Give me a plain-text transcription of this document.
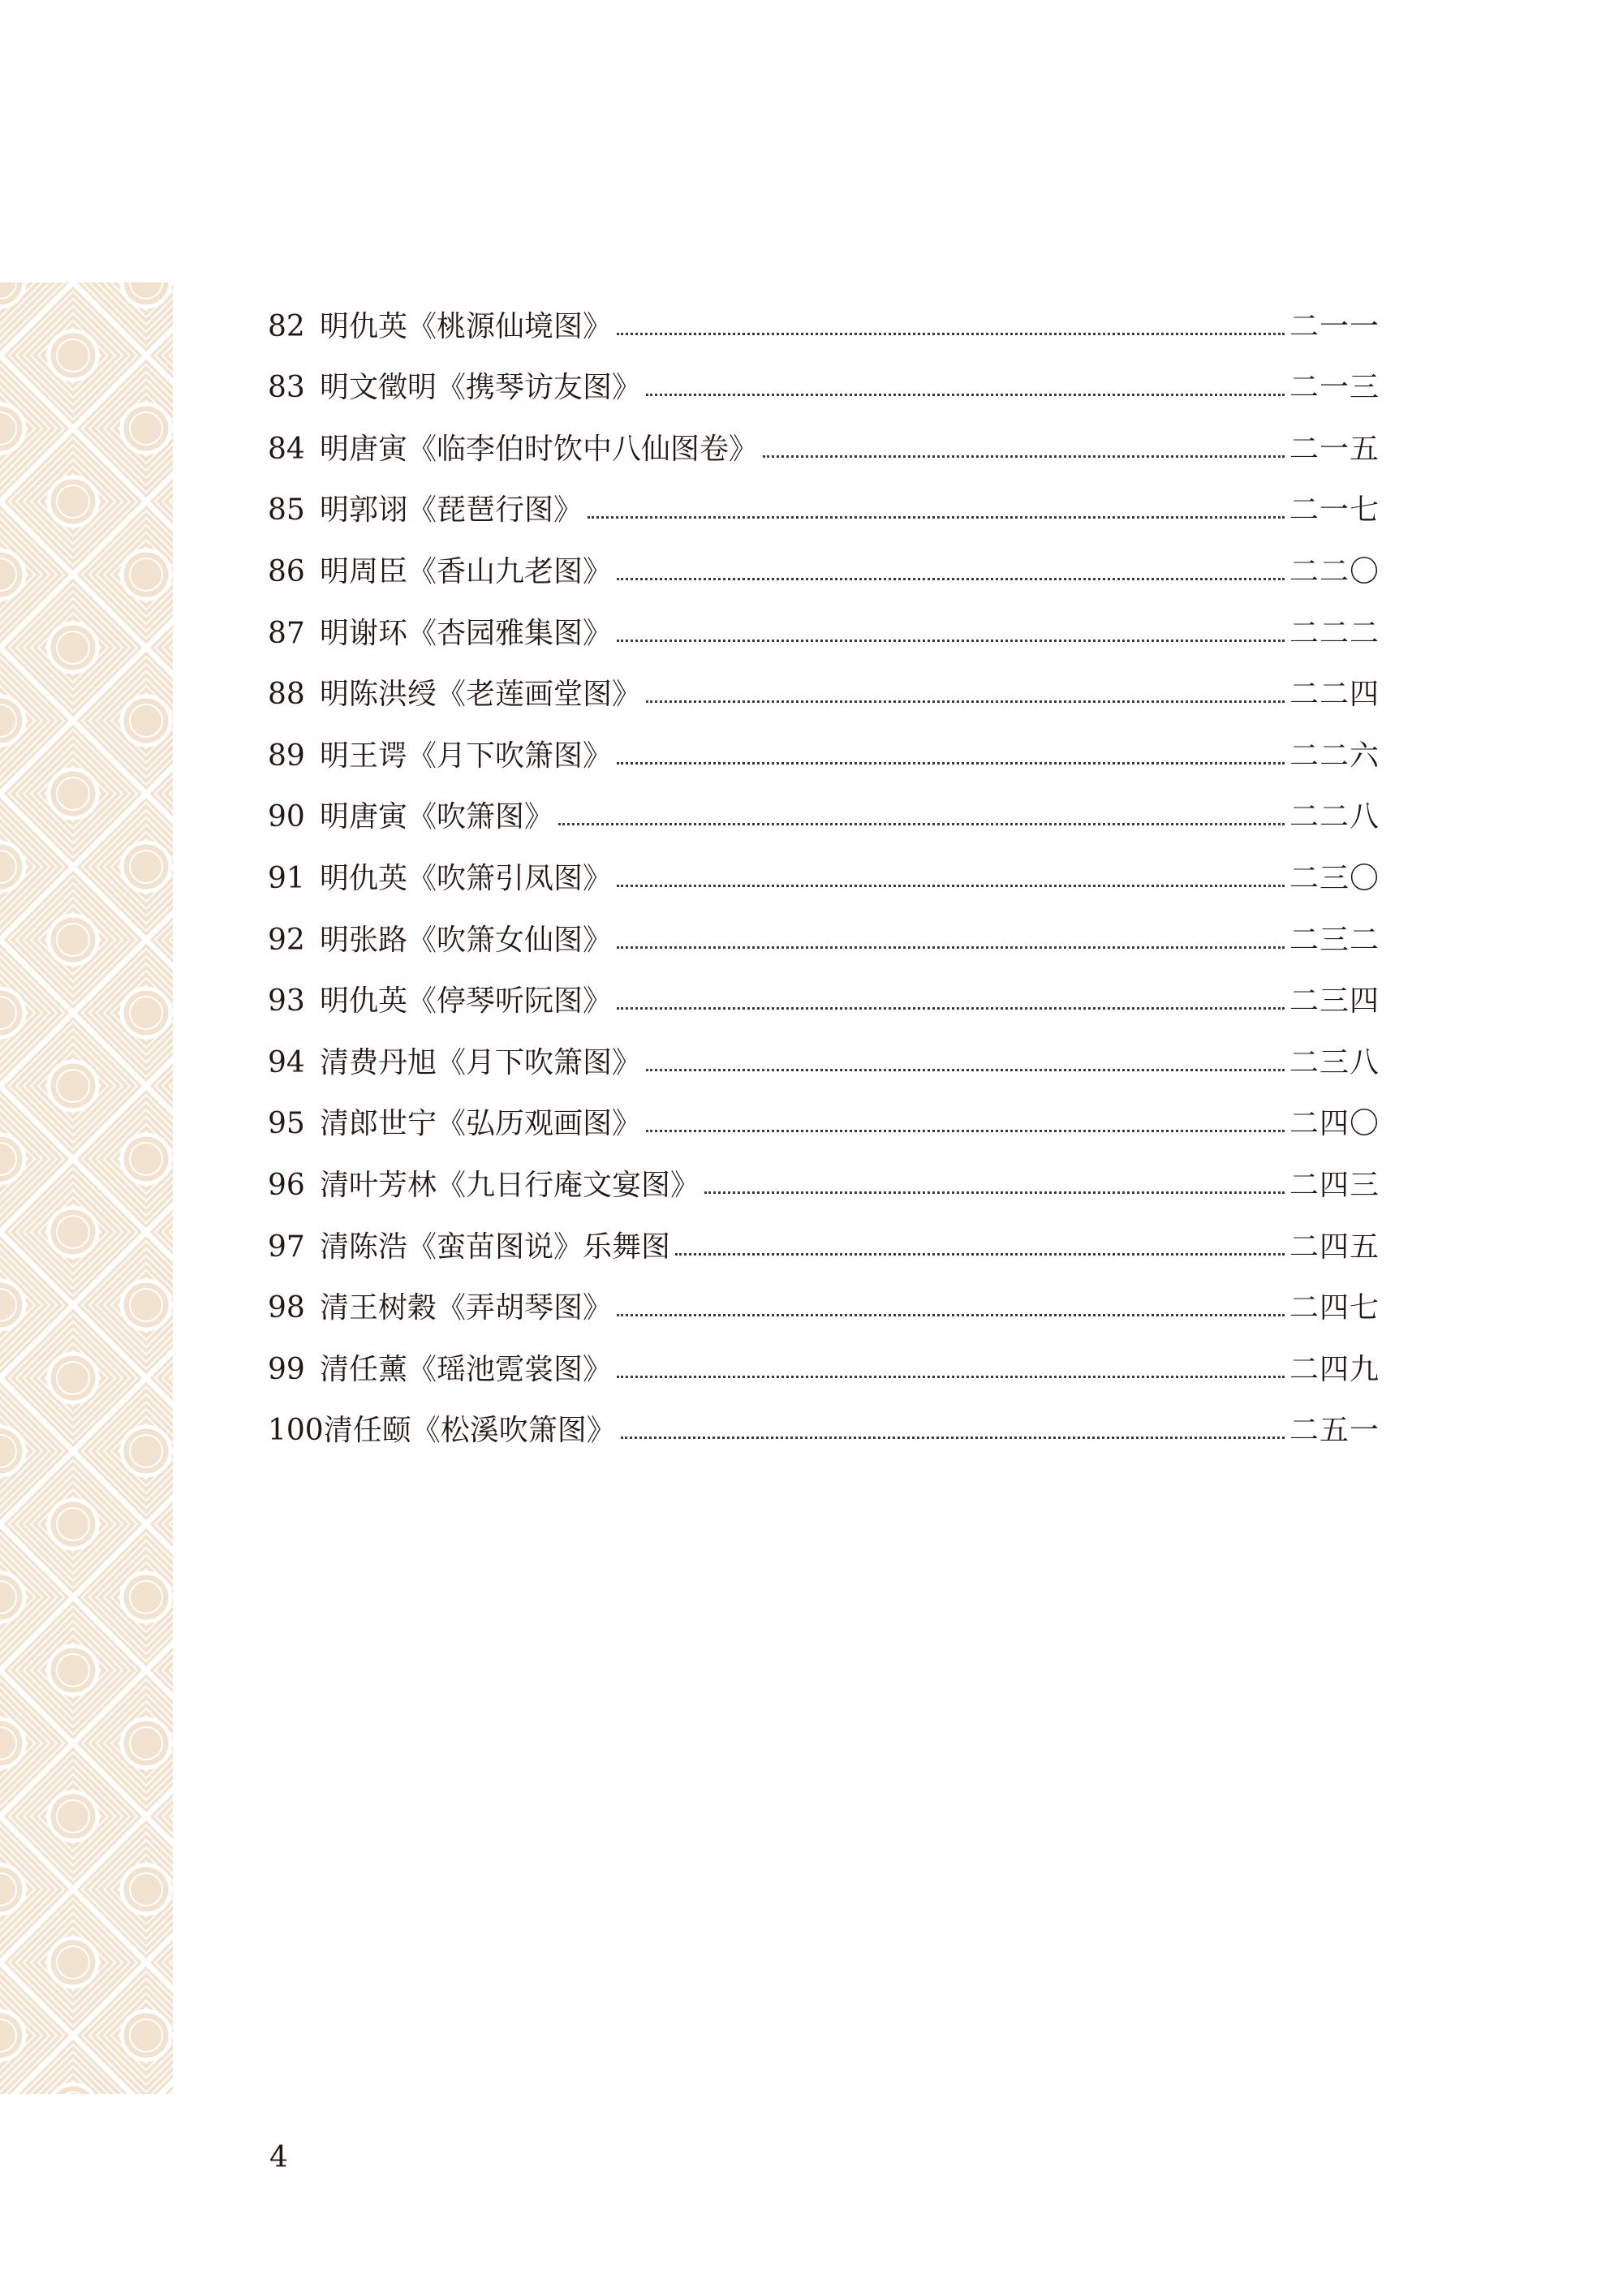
82 明仇英《桃源仙境图》	二一一
83 明文徵明《携琴访友图》	二一三
84 明唐寅《临李伯时饮中八仙图卷》	二一五
85 明郭诩《琵琶行图》	二一七
86 明周臣《香山九老图》	二二〇
87 明谢环《杏园雅集图》	二二二
88 明陈洪绶《老莲画堂图》	二二四
89 明王谔《月下吹箫图》	二二六
90 明唐寅《吹箫图》	二二八
91 明仇英《吹箫引凤图》	二三〇
92 明张路《吹箫女仙图》	二三二
93 明仇英《停琴听阮图》	二三四
94 清费丹旭《月下吹箫图》	二三八
95 清郎世宁《弘历观画图》	二四〇
96 清叶芳林《九日行庵文宴图》	二四三
97 清陈浩《蛮苗图说》乐舞图	二四五
98 清王树穀《弄胡琴图》	二四七
99 清任薰《瑶池霓裳图》	二四九
100 清任颐《松溪吹箫图》	二五一
4
